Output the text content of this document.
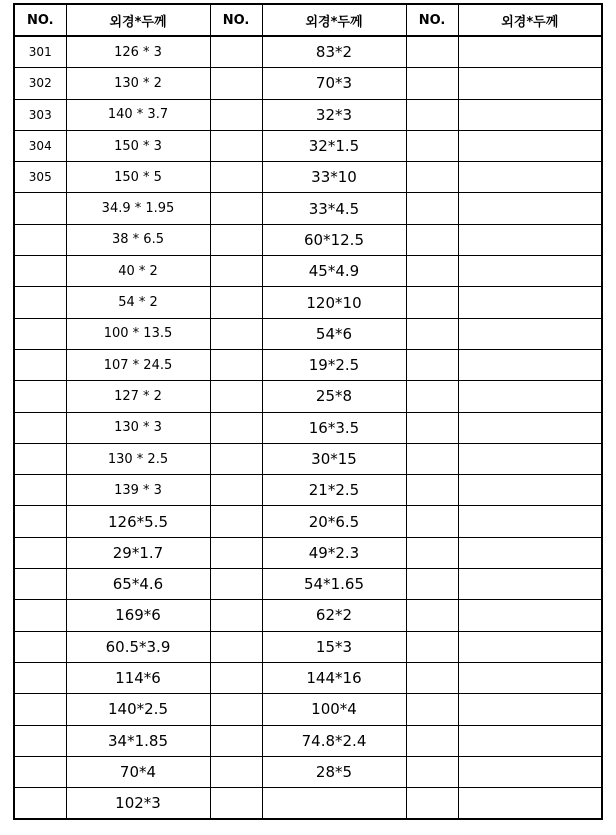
NO.	외경*두께	NO.	외경*두께	NO.	외경*두께
301	126 * 3		83*2		
302	130 * 2		70*3		
303	140 * 3.7		32*3		
304	150 * 3		32*1.5		
305	150 * 5		33*10		
	34.9 * 1.95		33*4.5		
	38 * 6.5		60*12.5		
	40 * 2		45*4.9		
	54 * 2		120*10		
	100 * 13.5		54*6		
	107 * 24.5		19*2.5		
	127 * 2		25*8		
	130 * 3		16*3.5		
	130 * 2.5		30*15		
	139 * 3		21*2.5		
	126*5.5		20*6.5		
	29*1.7		49*2.3		
	65*4.6		54*1.65		
	169*6		62*2		
	60.5*3.9		15*3		
	114*6		144*16		
	140*2.5		100*4		
	34*1.85		74.8*2.4		
	70*4		28*5		
	102*3				
